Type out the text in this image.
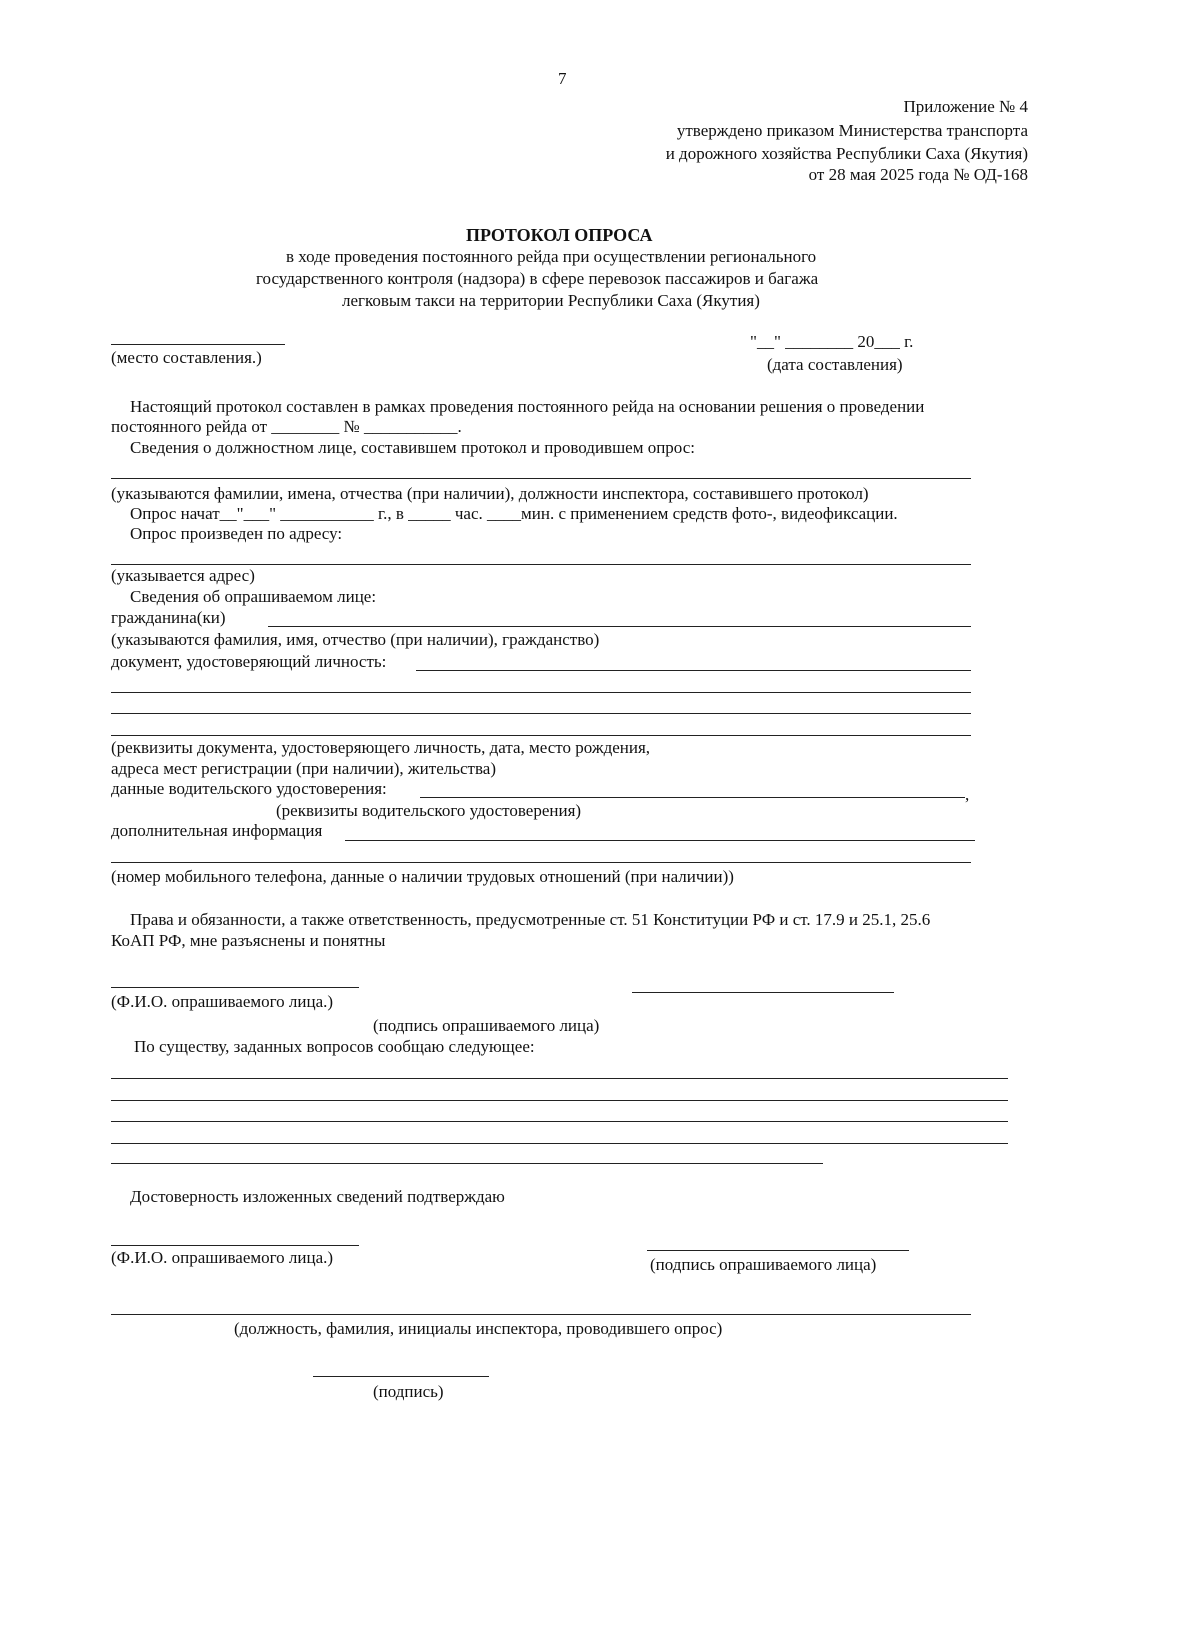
7
Приложение № 4
утверждено приказом Министерства транспорта
и дорожного хозяйства Республики Саха (Якутия)
от 28 мая 2025 года № ОД-168
ПРОТОКОЛ ОПРОСА
в ходе проведения постоянного рейда при осуществлении регионального
государственного контроля (надзора) в сфере перевозок пассажиров и багажа
легковым такси на территории Республики Саха (Якутия)
(место составления.)
"__" ________ 20___ г.
(дата составления)
Настоящий протокол составлен в рамках проведения постоянного рейда на основании решения о проведении
постоянного рейда от ________ № ___________.
Сведения о должностном лице, составившем протокол и проводившем опрос:
(указываются фамилии, имена, отчества (при наличии), должности инспектора, составившего протокол)
Опрос начат__"___" ___________ г., в _____ час. ____мин. с применением средств фото-, видеофиксации.
Опрос произведен по адресу:
(указывается адрес)
Сведения об опрашиваемом лице:
гражданина(ки)
(указываются фамилия, имя, отчество (при наличии), гражданство)
документ, удостоверяющий личность:
(реквизиты документа, удостоверяющего личность, дата, место рождения,
адреса мест регистрации (при наличии), жительства)
данные водительского удостоверения:	,
(реквизиты водительского удостоверения)
дополнительная информация
(номер мобильного телефона, данные о наличии трудовых отношений (при наличии))
Права и обязанности, а также ответственность, предусмотренные ст. 51 Конституции РФ и ст. 17.9 и 25.1, 25.6
КоАП РФ, мне разъяснены и понятны
(Ф.И.О. опрашиваемого лица.)
(подпись опрашиваемого лица)
По существу, заданных вопросов сообщаю следующее:
Достоверность изложенных сведений подтверждаю
(Ф.И.О. опрашиваемого лица.)	(подпись опрашиваемого лица)
(должность, фамилия, инициалы инспектора, проводившего опрос)
(подпись)
